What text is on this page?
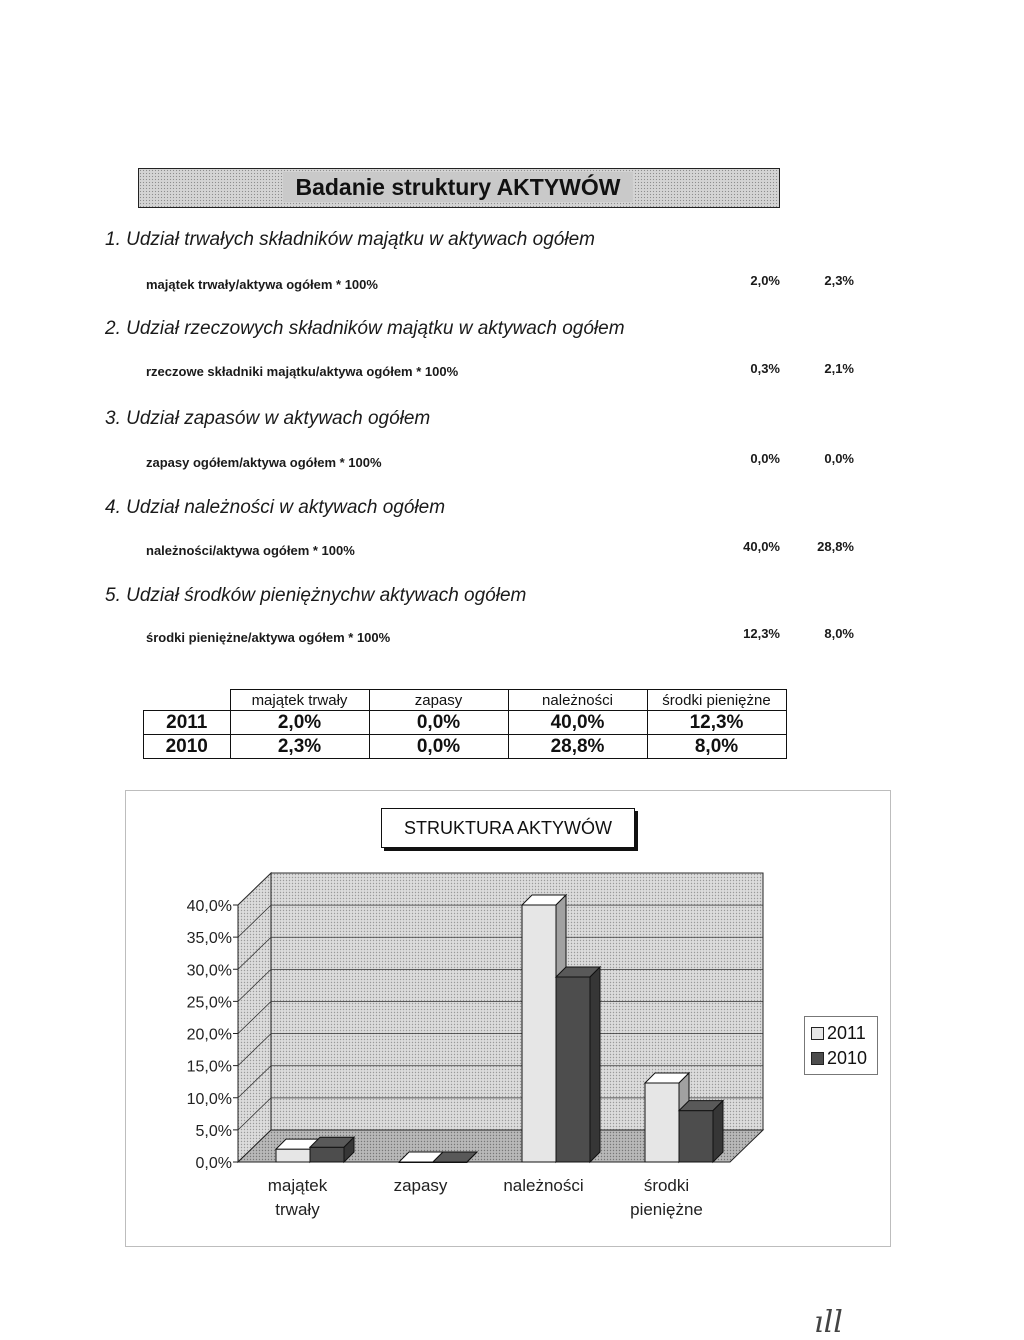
Badanie struktury AKTYWÓW
1. Udział trwałych składników majątku w aktywach ogółem
majątek trwały/aktywa ogółem * 100%	2,0%	2,3%
2. Udział rzeczowych składników majątku w aktywach ogółem
rzeczowe składniki majątku/aktywa ogółem * 100%	0,3%	2,1%
3. Udział zapasów w aktywach ogółem
zapasy ogółem/aktywa ogółem * 100%	0,0%	0,0%
4. Udział należności w aktywach ogółem
należności/aktywa ogółem * 100%	40,0%	28,8%
5. Udział środków pieniężnychw aktywach ogółem
środki pieniężne/aktywa ogółem * 100%	12,3%	8,0%
	majątek trwały	zapasy	należności	środki pieniężne
2011	2,0%	0,0%	40,0%	12,3%
2010	2,3%	0,0%	28,8%	8,0%
0,0%
5,0%
10,0%
15,0%
20,0%
25,0%
30,0%
35,0%
40,0%
majątek
trwały
zapasy	należności	środki
pieniężne
STRUKTURA AKTYWÓW
2011
2010
ıll
